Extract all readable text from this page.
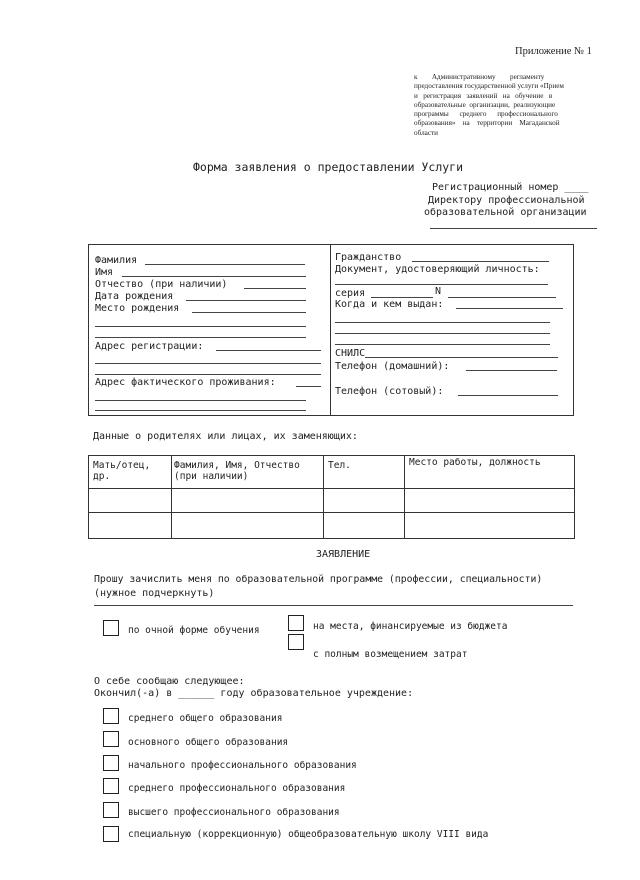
Приложение № 1
к        Административному        регламенту
предоставления государственной услуги «Прием
и   регистрация   заявлений   на   обучение   в
образовательные  организации,  реализующие
программы      среднего      профессионального
образования»    на    территории    Магаданской
области
Форма заявления о предоставлении Услуги
Регистрационный номер ____
Директору профессиональной
образовательной организации
Фамилия
Имя
Отчество (при наличии)
Дата рождения
Место рождения
Адрес регистрации:
Адрес фактического проживания:
Гражданство
Документ, удостоверяющий личность:
серия	N
Когда и кем выдан:
СНИЛС
Телефон (домашний):
Телефон (сотовый):
Данные о родителях или лицах, их заменяющих:
Мать/отец, др.	Фамилия, Имя, Отчество (при наличии)	Тел.	Место работы, должность

ЗАЯВЛЕНИЕ
Прошу зачислить меня по образовательной программе (профессии, специальности)
(нужное подчеркнуть)
по очной форме обучения	на места, финансируемые из бюджета
с полным возмещением затрат
О себе сообщаю следующее:
Окончил(-а) в ______ году образовательное учреждение:
среднего общего образования
основного общего образования
начального профессионального образования
среднего профессионального образования
высшего профессионального образования
специальную (коррекционную) общеобразовательную школу VIII вида
